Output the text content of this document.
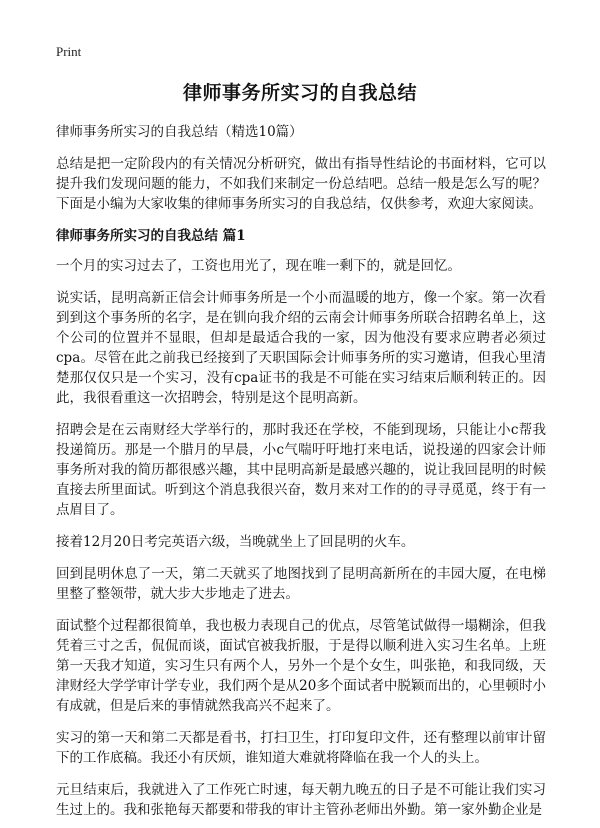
Print
律师事务所实习的自我总结
律师事务所实习的自我总结（精选10篇）

总结是把一定阶段内的有关情况分析研究，做出有指导性结论的书面材料，它可以提升我们发现问题的能力，不如我们来制定一份总结吧。总结一般是怎么写的呢？下面是小编为大家收集的律师事务所实习的自我总结，仅供参考，欢迎大家阅读。

律师事务所实习的自我总结 篇1

一个月的实习过去了，工资也用光了，现在唯一剩下的，就是回忆。

说实话，昆明高新正信会计师事务所是一个小而温暖的地方，像一个家。第一次看到到这个事务所的名字，是在钏向我介绍的云南会计师事务所联合招聘名单上，这个公司的位置并不显眼，但却是最适合我的一家，因为他没有要求应聘者必须过cpa。尽管在此之前我已经接到了天职国际会计师事务所的实习邀请，但我心里清楚那仅仅只是一个实习，没有cpa证书的我是不可能在实习结束后顺利转正的。因此，我很看重这一次招聘会，特别是这个昆明高新。

招聘会是在云南财经大学举行的，那时我还在学校，不能到现场，只能让小c帮我投递简历。那是一个腊月的早晨，小c气喘吁吁地打来电话，说投递的四家会计师事务所对我的简历都很感兴趣，其中昆明高新是最感兴趣的，说让我回昆明的时候直接去所里面试。听到这个消息我很兴奋，数月来对工作的的寻寻觅觅，终于有一点眉目了。

接着12月20日考完英语六级，当晚就坐上了回昆明的火车。

回到昆明休息了一天，第二天就买了地图找到了昆明高新所在的丰园大厦，在电梯里整了整领带，就大步大步地走了进去。

面试整个过程都很简单，我也极力表现自己的优点，尽管笔试做得一塌糊涂，但我凭着三寸之舌，侃侃而谈，面试官被我折服，于是得以顺利进入实习生名单。上班第一天我才知道，实习生只有两个人，另外一个是个女生，叫张艳，和我同级，天津财经大学学审计学专业，我们两个是从20多个面试者中脱颖而出的，心里顿时小有成就，但是后来的事情就然我高兴不起来了。

实习的第一天和第二天都是看书，打扫卫生，打印复印文件，还有整理以前审计留下的工作底稿。我还小有厌烦，谁知道大难就将降临在我一个人的头上。

元旦结束后，我就进入了工作死亡时速，每天朝九晚五的日子是不可能让我们实习生过上的。我和张艳每天都要和带我的审计主管孙老师出外勤。第一家外勤企业是
